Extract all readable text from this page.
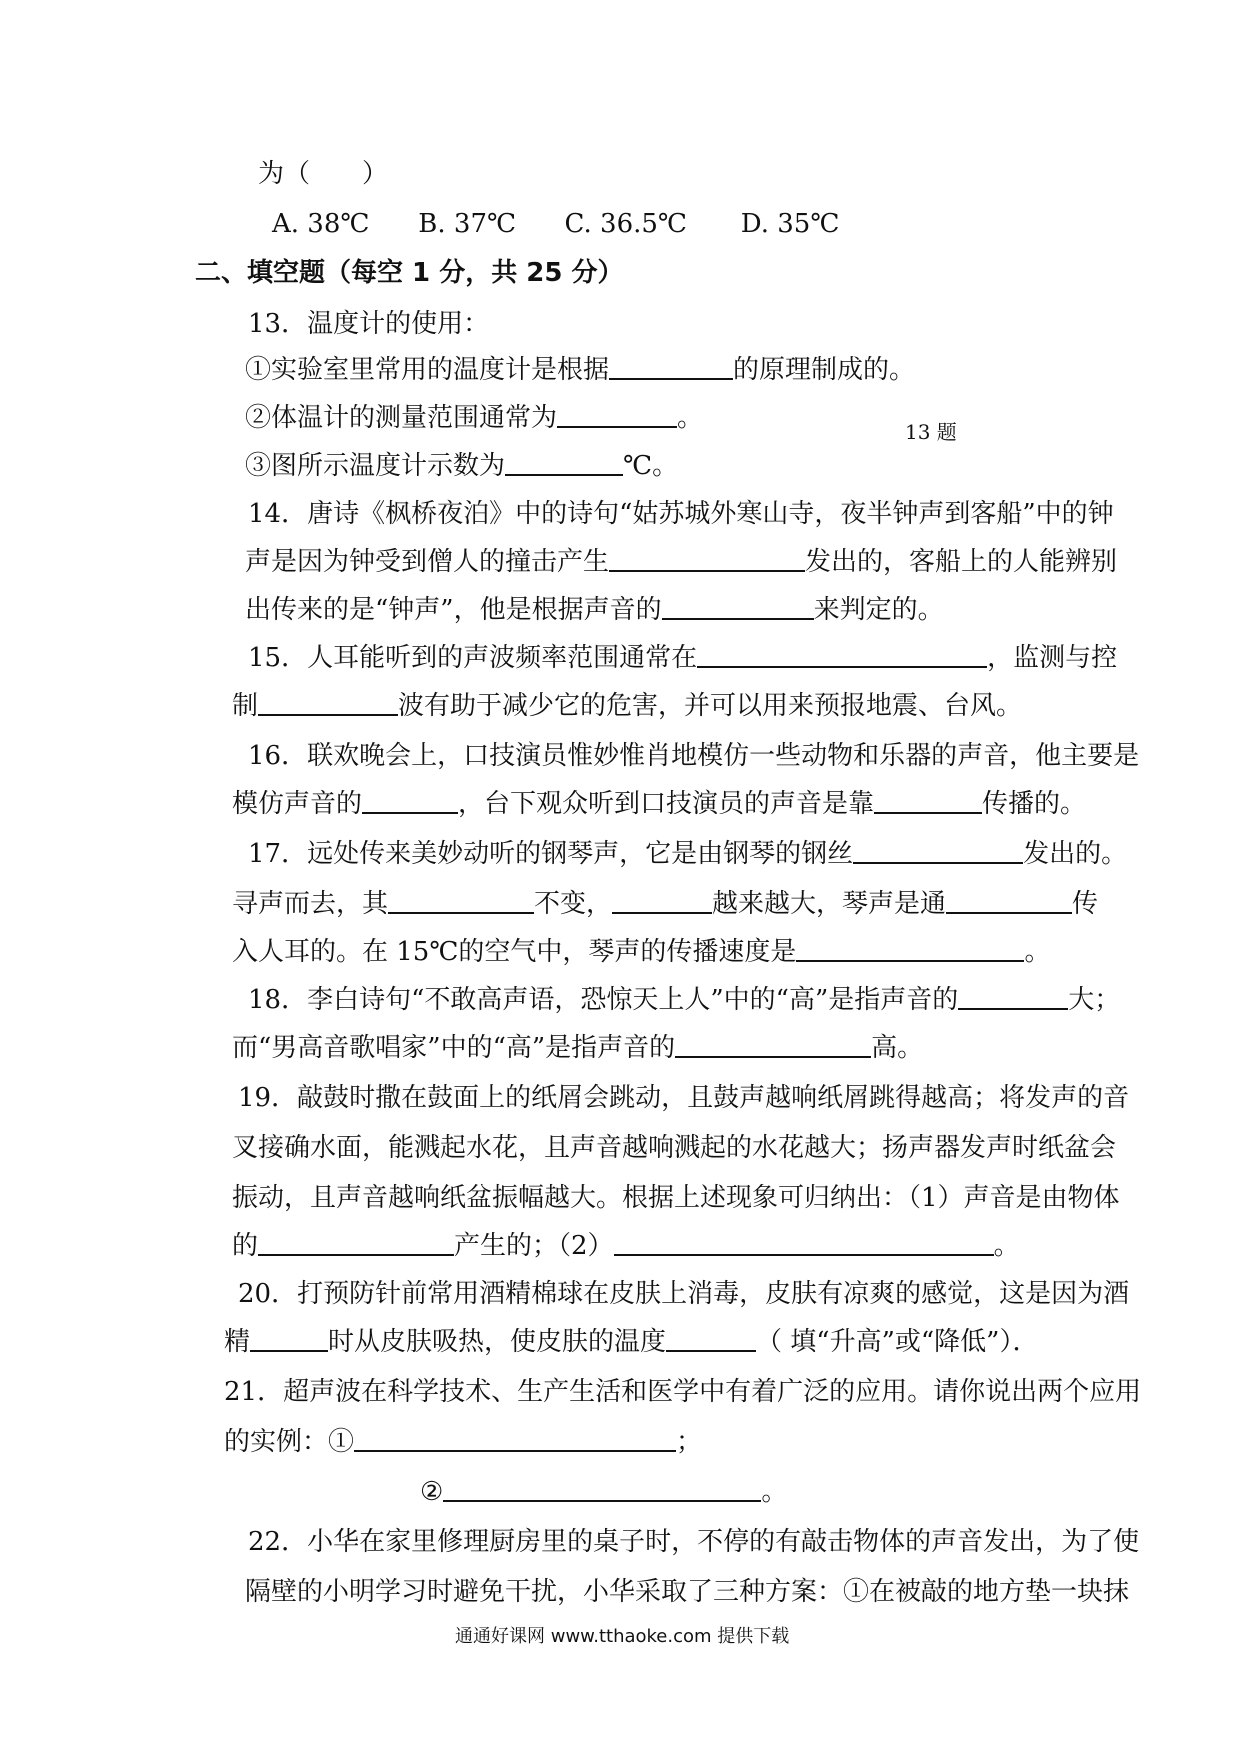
为（　　）
A. 38℃ B. 37℃ C. 36.5℃ D. 35℃
二、填空题（每空 1 分，共 25 分）
13．温度计的使用：
①实验室里常用的温度计是根据	的原理制成的。
②体温计的测量范围通常为	。	13 题
③图所示温度计示数为	℃。
14．唐诗《枫桥夜泊》中的诗句“姑苏城外寒山寺，夜半钟声到客船”中的钟
声是因为钟受到僧人的撞击产生	发出的，客船上的人能辨别
出传来的是“钟声”，他是根据声音的	来判定的。
15．人耳能听到的声波频率范围通常在	，监测与控
制	波有助于减少它的危害，并可以用来预报地震、台风。
16．联欢晚会上，口技演员惟妙惟肖地模仿一些动物和乐器的声音，他主要是
模仿声音的	，台下观众听到口技演员的声音是靠	传播的。
17．远处传来美妙动听的钢琴声，它是由钢琴的钢丝	发出的。
寻声而去，其	不变，	越来越大，琴声是通	传
入人耳的。在 15℃的空气中，琴声的传播速度是	。
18．李白诗句“不敢高声语，恐惊天上人”中的“高”是指声音的	大；
而“男高音歌唱家”中的“高”是指声音的	高。
19．敲鼓时撒在鼓面上的纸屑会跳动，且鼓声越响纸屑跳得越高；将发声的音
叉接确水面，能溅起水花，且声音越响溅起的水花越大；扬声器发声时纸盆会
振动，且声音越响纸盆振幅越大。根据上述现象可归纳出：（1）声音是由物体
的	产生的；（2）	。
20．打预防针前常用酒精棉球在皮肤上消毒，皮肤有凉爽的感觉，这是因为酒
精	时从皮肤吸热，使皮肤的温度	（ 填“升高”或“降低”）．
21．超声波在科学技术、生产生活和医学中有着广泛的应用。请你说出两个应用
的实例：①	；
②	。
22．小华在家里修理厨房里的桌子时，不停的有敲击物体的声音发出，为了使
隔壁的小明学习时避免干扰，小华采取了三种方案：①在被敲的地方垫一块抹
通通好课网 www.tthaoke.com 提供下载
